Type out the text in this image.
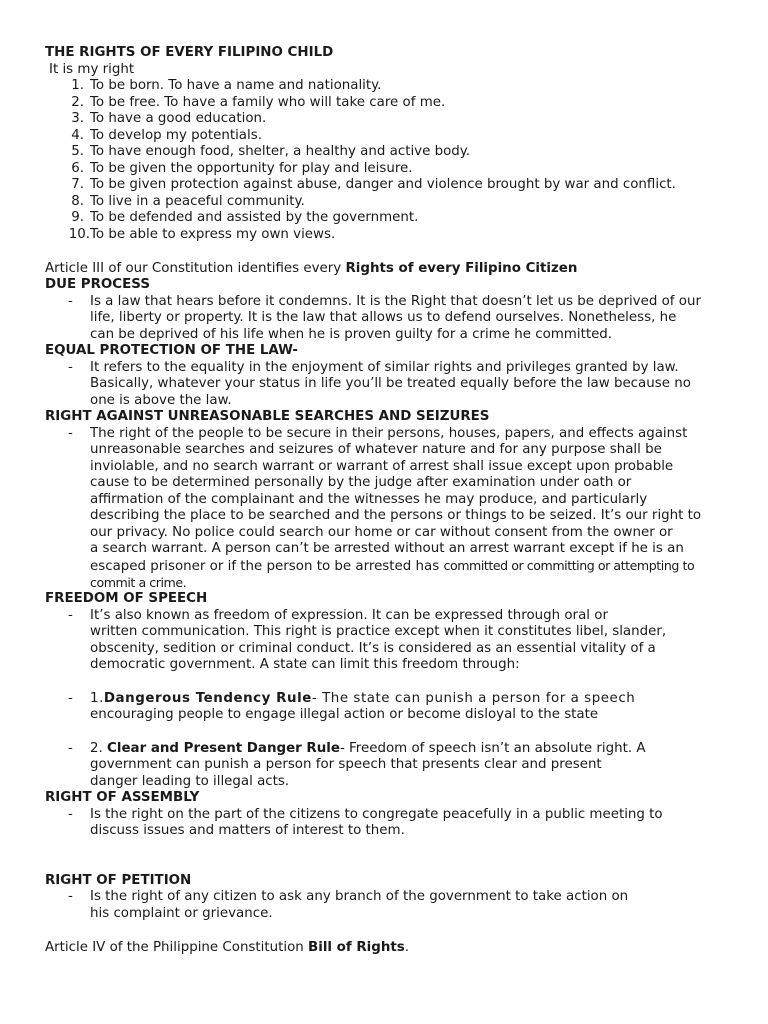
THE RIGHTS OF EVERY FILIPINO CHILD
It is my right
1. To be born. To have a name and nationality.
2. To be free. To have a family who will take care of me.
3. To have a good education.
4. To develop my potentials.
5. To have enough food, shelter, a healthy and active body.
6. To be given the opportunity for play and leisure.
7. To be given protection against abuse, danger and violence brought by war and conflict.
8. To live in a peaceful community.
9. To be defended and assisted by the government.
10. To be able to express my own views.
Article III of our Constitution identifies every Rights of every Filipino Citizen
DUE PROCESS
- Is a law that hears before it condemns. It is the Right that doesn’t let us be deprived of our
life, liberty or property. It is the law that allows us to defend ourselves. Nonetheless, he
can be deprived of his life when he is proven guilty for a crime he committed.
EQUAL PROTECTION OF THE LAW-
- It refers to the equality in the enjoyment of similar rights and privileges granted by law.
Basically, whatever your status in life you’ll be treated equally before the law because no
one is above the law.
RIGHT AGAINST UNREASONABLE SEARCHES AND SEIZURES
- The right of the people to be secure in their persons, houses, papers, and effects against
unreasonable searches and seizures of whatever nature and for any purpose shall be
inviolable, and no search warrant or warrant of arrest shall issue except upon probable
cause to be determined personally by the judge after examination under oath or
affirmation of the complainant and the witnesses he may produce, and particularly
describing the place to be searched and the persons or things to be seized. It’s our right to
our privacy. No police could search our home or car without consent from the owner or
a search warrant. A person can’t be arrested without an arrest warrant except if he is an
escaped prisoner or if the person to be arrested has committed or committing or attempting to
commit a crime.
FREEDOM OF SPEECH
- It’s also known as freedom of expression. It can be expressed through oral or
written communication. This right is practice except when it constitutes libel, slander,
obscenity, sedition or criminal conduct. It’s is considered as an essential vitality of a
democratic government. A state can limit this freedom through:
- 1.Dangerous Tendency Rule- The state can punish a person for a speech
encouraging people to engage illegal action or become disloyal to the state
- 2. Clear and Present Danger Rule- Freedom of speech isn’t an absolute right. A
government can punish a person for speech that presents clear and present
danger leading to illegal acts.
RIGHT OF ASSEMBLY
- Is the right on the part of the citizens to congregate peacefully in a public meeting to
discuss issues and matters of interest to them.
RIGHT OF PETITION
- Is the right of any citizen to ask any branch of the government to take action on
his complaint or grievance.
Article IV of the Philippine Constitution Bill of Rights.
